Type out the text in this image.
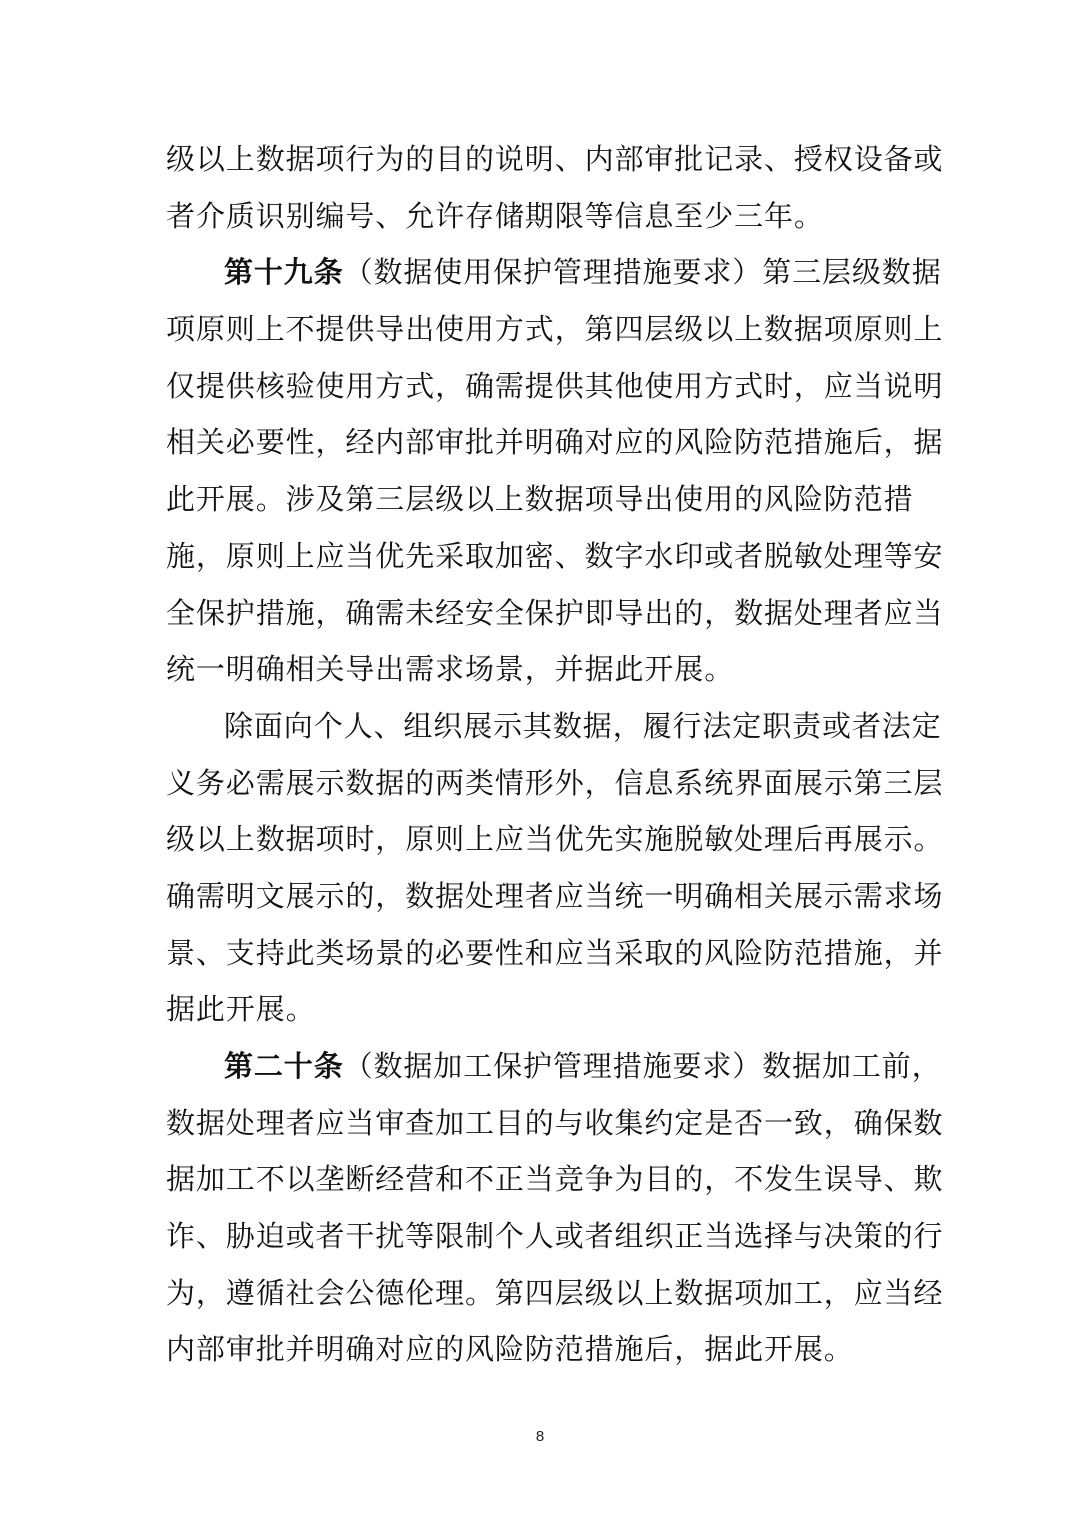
级以上数据项行为的目的说明、内部审批记录、授权设备或
者介质识别编号、允许存储期限等信息至少三年。
第十九条（数据使用保护管理措施要求）第三层级数据
项原则上不提供导出使用方式，第四层级以上数据项原则上
仅提供核验使用方式，确需提供其他使用方式时，应当说明
相关必要性，经内部审批并明确对应的风险防范措施后，据
此开展。涉及第三层级以上数据项导出使用的风险防范措
施，原则上应当优先采取加密、数字水印或者脱敏处理等安
全保护措施，确需未经安全保护即导出的，数据处理者应当
统一明确相关导出需求场景，并据此开展。
除面向个人、组织展示其数据，履行法定职责或者法定
义务必需展示数据的两类情形外，信息系统界面展示第三层
级以上数据项时，原则上应当优先实施脱敏处理后再展示。
确需明文展示的，数据处理者应当统一明确相关展示需求场
景、支持此类场景的必要性和应当采取的风险防范措施，并
据此开展。
第二十条（数据加工保护管理措施要求）数据加工前，
数据处理者应当审查加工目的与收集约定是否一致，确保数
据加工不以垄断经营和不正当竞争为目的，不发生误导、欺
诈、胁迫或者干扰等限制个人或者组织正当选择与决策的行
为，遵循社会公德伦理。第四层级以上数据项加工，应当经
内部审批并明确对应的风险防范措施后，据此开展。
8
